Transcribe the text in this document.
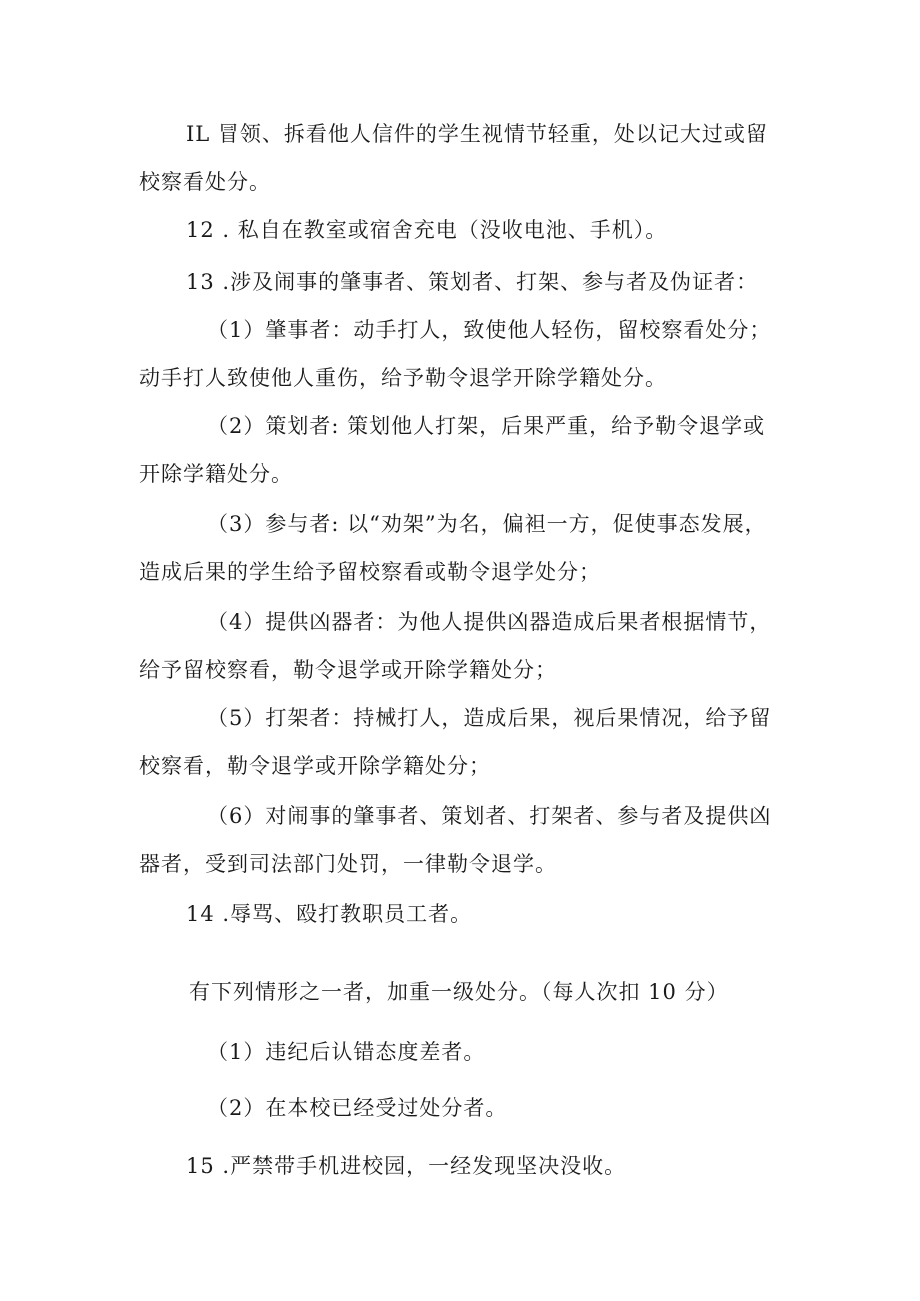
IL 冒领、拆看他人信件的学生视情节轻重，处以记大过或留校察看处分。

12 . 私自在教室或宿舍充电（没收电池、手机）。

13 .涉及闹事的肇事者、策划者、打架、参与者及伪证者：

（1）肇事者：动手打人，致使他人轻伤，留校察看处分；动手打人致使他人重伤，给予勒令退学开除学籍处分。

（2）策划者: 策划他人打架，后果严重，给予勒令退学或开除学籍处分。

（3）参与者: 以“劝架”为名，偏袒一方，促使事态发展，造成后果的学生给予留校察看或勒令退学处分；

（4）提供凶器者：为他人提供凶器造成后果者根据情节，给予留校察看，勒令退学或开除学籍处分；

（5）打架者：持械打人，造成后果，视后果情况，给予留校察看，勒令退学或开除学籍处分；

（6）对闹事的肇事者、策划者、打架者、参与者及提供凶器者，受到司法部门处罚，一律勒令退学。

14 .辱骂、殴打教职员工者。

有下列情形之一者，加重一级处分。（每人次扣 10 分）

（1）违纪后认错态度差者。

（2）在本校已经受过处分者。

15 .严禁带手机进校园，一经发现坚决没收。
